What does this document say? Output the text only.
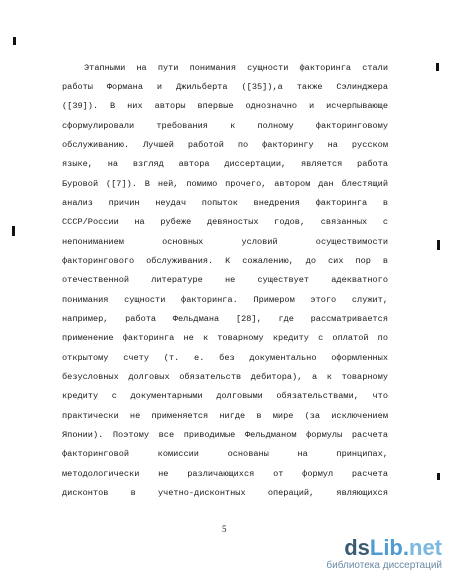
Этапными на пути понимания сущности факторинга стали
работы Формана и Джильберта ([35]),а также Сэлинджера
([39]). В них авторы впервые однозначно и исчерпывающе
сформулировали требования к полному факторинговому
обслуживанию. Лучшей работой по факторингу на русском
языке, на взгляд автора диссертации, является работа
Буровой ([7]). В ней, помимо прочего, автором дан блестящий
анализ причин неудач попыток внедрения факторинга в
СССР/России на рубеже девяностых годов, связанных с
непониманием основных условий осуществимости
факторингового обслуживания. К сожалению, до сих пор в
отечественной литературе не существует адекватного
понимания сущности факторинга. Примером этого служит,
например, работа Фельдмана [28], где рассматривается
применение факторинга не к товарному кредиту с оплатой по
открытому счету (т. е. без документально оформленных
безусловных долговых обязательств дебитора), а к товарному
кредиту с документарными долговыми обязательствами, что
практически не применяется нигде в мире (за исключением
Японии). Поэтому все приводимые Фельдманом формулы расчета
факторинговой комиссии основаны на принципах,
методологически не различающихся от формул расчета
дисконтов в учетно-дисконтных операций, являющихся
5
dsLib.net
библиотека диссертаций
